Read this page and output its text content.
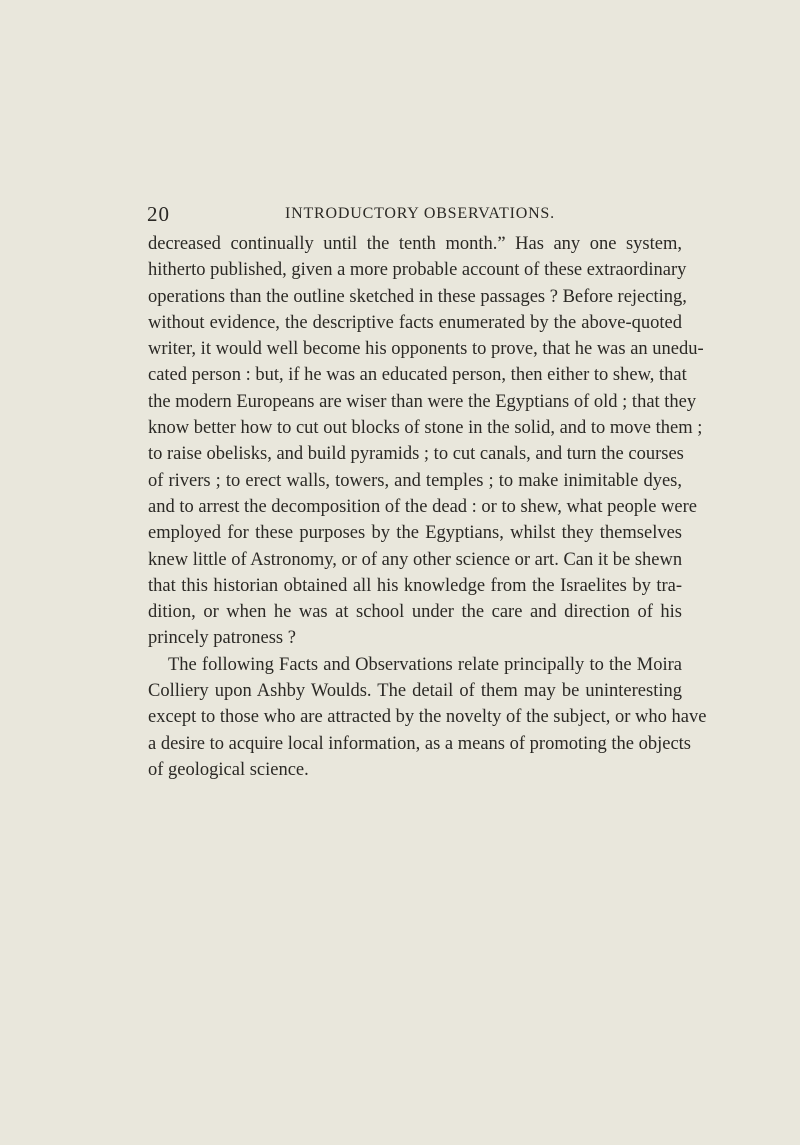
20	INTRODUCTORY OBSERVATIONS.
decreased continually until the tenth month.” Has any one system,
hitherto published, given a more probable account of these extraordinary
operations than the outline sketched in these passages ? Before rejecting,
without evidence, the descriptive facts enumerated by the above-quoted
writer, it would well become his opponents to prove, that he was an unedu-
cated person : but, if he was an educated person, then either to shew, that
the modern Europeans are wiser than were the Egyptians of old ; that they
know better how to cut out blocks of stone in the solid, and to move them ;
to raise obelisks, and build pyramids ; to cut canals, and turn the courses
of rivers ; to erect walls, towers, and temples ; to make inimitable dyes,
and to arrest the decomposition of the dead : or to shew, what people were
employed for these purposes by the Egyptians, whilst they themselves
knew little of Astronomy, or of any other science or art. Can it be shewn
that this historian obtained all his knowledge from the Israelites by tra-
dition, or when he was at school under the care and direction of his
princely patroness ?
The following Facts and Observations relate principally to the Moira
Colliery upon Ashby Woulds. The detail of them may be uninteresting
except to those who are attracted by the novelty of the subject, or who have
a desire to acquire local information, as a means of promoting the objects
of geological science.
